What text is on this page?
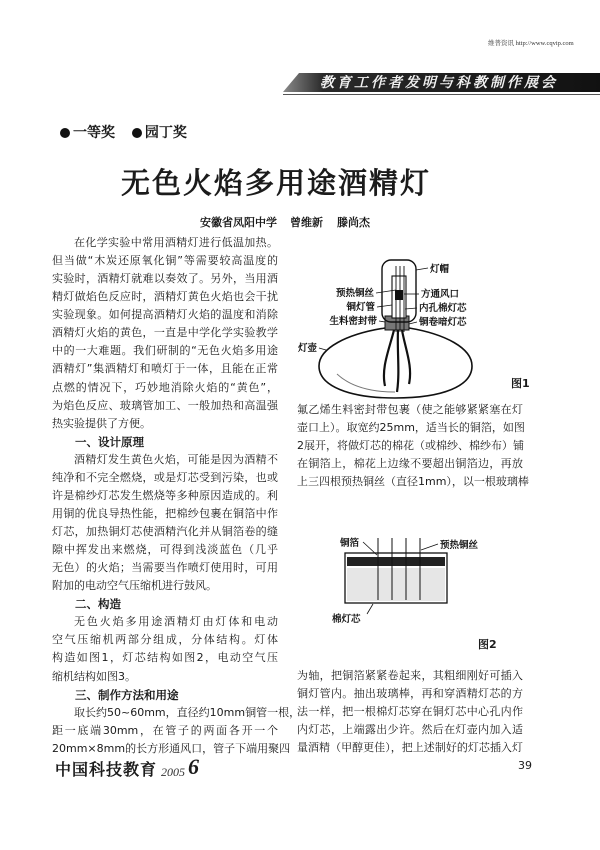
维普资讯 http://www.cqvip.com
教育工作者发明与科教制作展会
一等奖 园丁奖
无色火焰多用途酒精灯
安徽省凤阳中学 曾维新 滕尚杰
在化学实验中常用酒精灯进行低温加热。
但当做“木炭还原氧化铜”等需要较高温度的
实验时，酒精灯就难以奏效了。另外，当用酒
精灯做焰色反应时，酒精灯黄色火焰也会干扰
实验现象。如何提高酒精灯火焰的温度和消除
酒精灯火焰的黄色，一直是中学化学实验教学
中的一大难题。我们研制的“无色火焰多用途
酒精灯”集酒精灯和喷灯于一体，且能在正常
点燃的情况下，巧妙地消除火焰的“黄色”，
为焰色反应、玻璃管加工、一般加热和高温强
热实验提供了方便。
一、设计原理
酒精灯发生黄色火焰，可能是因为酒精不
纯净和不完全燃烧，或是灯芯受到污染，也或
许是棉纱灯芯发生燃烧等多种原因造成的。利
用铜的优良导热性能，把棉纱包裹在铜箔中作
灯芯，加热铜灯芯使酒精汽化并从铜箔卷的缝
隙中挥发出来燃烧，可得到浅淡蓝色（几乎
无色）的火焰；当需要当作喷灯使用时，可用
附加的电动空气压缩机进行鼓风。
二、构造
无色火焰多用途酒精灯由灯体和电动
空气压缩机两部分组成，分体结构。灯体
构造如图1，灯芯结构如图2，电动空气压
缩机结构如图3。
三、制作方法和用途
取长约50~60mm，直径约10mm铜管一根，
距一底端30mm，在管子的两面各开一个
20mm×8mm的长方形通风口，管子下端用聚四
灯帽
预热铜丝	方通风口
铜灯管	内孔棉灯芯
生料密封带	铜卷喑灯芯
灯壶
图1
氟乙烯生料密封带包裹（使之能够紧紧塞在灯
壶口上）。取宽约25mm，适当长的铜箔，如图
2展开，将做灯芯的棉花（或棉纱、棉纱布）铺
在铜箔上，棉花上边缘不要超出铜箔边，再放
上三四根预热铜丝（直径1mm），以一根玻璃棒
铜箔	预热铜丝
棉灯芯
图2
为轴，把铜箔紧紧卷起来，其粗细刚好可插入
铜灯管内。抽出玻璃棒，再和穿酒精灯芯的方
法一样，把一根棉灯芯穿在铜灯芯中心孔内作
内灯芯，上端露出少许。然后在灯壶内加入适
量酒精（甲醇更佳），把上述制好的灯芯插入灯
中国科技教育 2005 6	39
